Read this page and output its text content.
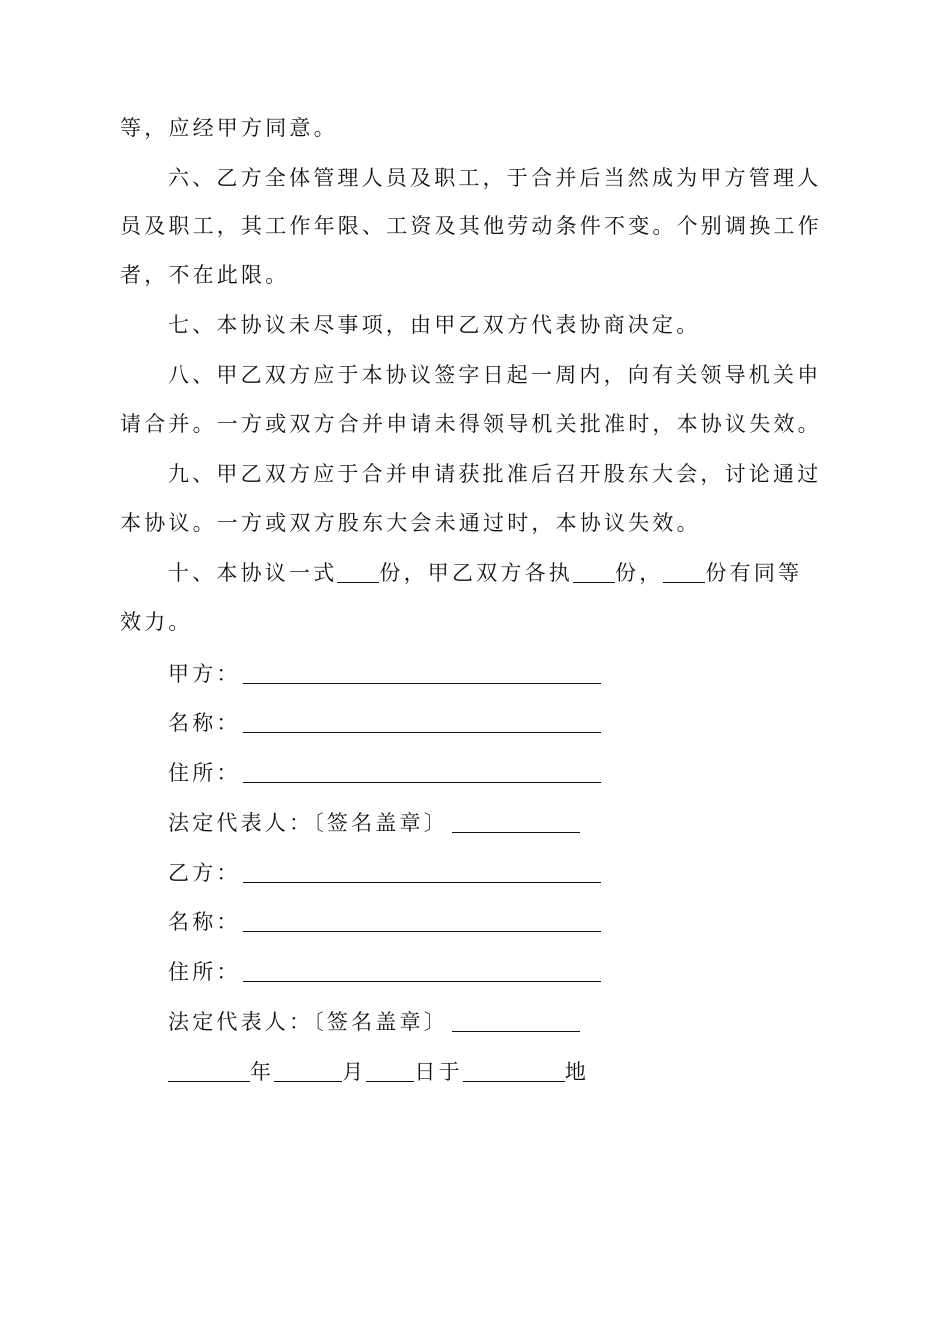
等，应经甲方同意。
六、乙方全体管理人员及职工，于合并后当然成为甲方管理人
员及职工，其工作年限、工资及其他劳动条件不变。个别调换工作
者，不在此限。
七、本协议未尽事项，由甲乙双方代表协商决定。
八、甲乙双方应于本协议签字日起一周内，向有关领导机关申
请合并。一方或双方合并申请未得领导机关批准时，本协议失效。
九、甲乙双方应于合并申请获批准后召开股东大会，讨论通过
本协议。一方或双方股东大会未通过时，本协议失效。
十、本协议一式 份，甲乙双方各执 份， 份有同等
效力。
甲方：
名称：
住所：
法定代表人：〔签名盖章〕
乙方：
名称：
住所：
法定代表人：〔签名盖章〕
年	月 日于	地
